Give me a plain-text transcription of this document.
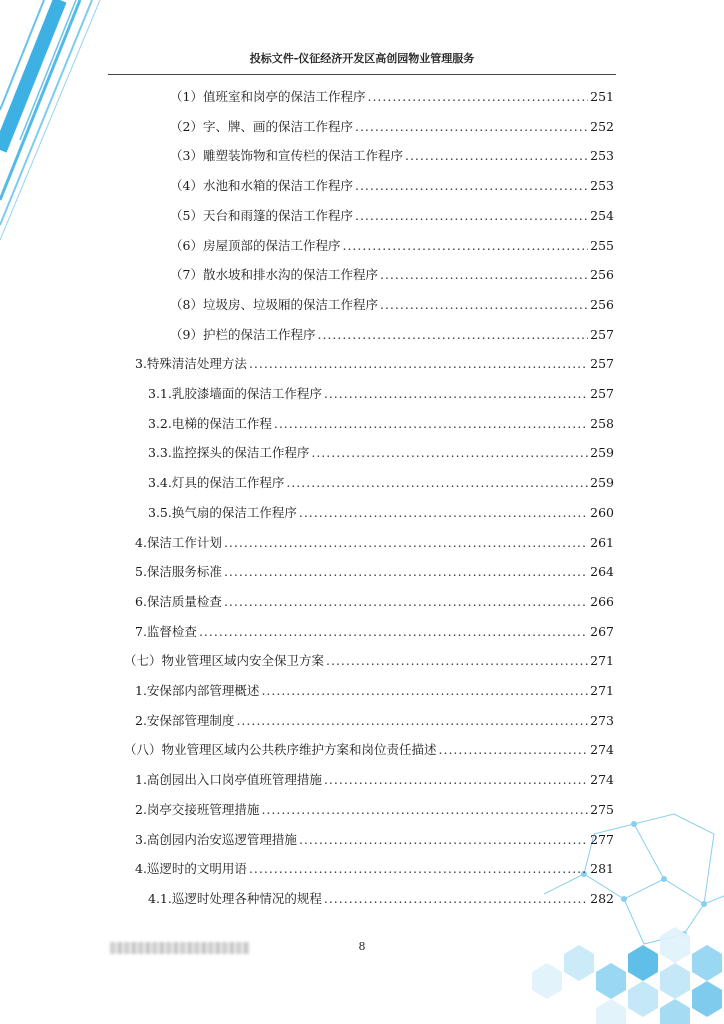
投标文件-仪征经济开发区高创园物业管理服务
（1）值班室和岗亭的保洁工作程序 .....	251
（2）字、牌、画的保洁工作程序 .....	252
（3）雕塑装饰物和宣传栏的保洁工作程序 .....	253
（4）水池和水箱的保洁工作程序 .....	253
（5）天台和雨篷的保洁工作程序 .....	254
（6）房屋顶部的保洁工作程序 .....	255
（7）散水坡和排水沟的保洁工作程序 .....	256
（8）垃圾房、垃圾厢的保洁工作程序 .....	256
（9）护栏的保洁工作程序 .....	257
3.特殊清洁处理方法 .....	257
3.1.乳胶漆墙面的保洁工作程序 .....	257
3.2.电梯的保洁工作程 .....	258
3.3.监控探头的保洁工作程序 .....	259
3.4.灯具的保洁工作程序 .....	259
3.5.换气扇的保洁工作程序 .....	260
4.保洁工作计划 .....	261
5.保洁服务标准 .....	264
6.保洁质量检查 .....	266
7.监督检查 .....	267
（七）物业管理区域内安全保卫方案 .....	271
1.安保部内部管理概述 .....	271
2.安保部管理制度 .....	273
（八）物业管理区域内公共秩序维护方案和岗位责任描述 .....	274
1.高创园出入口岗亭值班管理措施 .....	274
2.岗亭交接班管理措施 .....	275
3.高创园内治安巡逻管理措施 .....	277
4.巡逻时的文明用语 .....	281
4.1.巡逻时处理各种情况的规程 .....	282
8
